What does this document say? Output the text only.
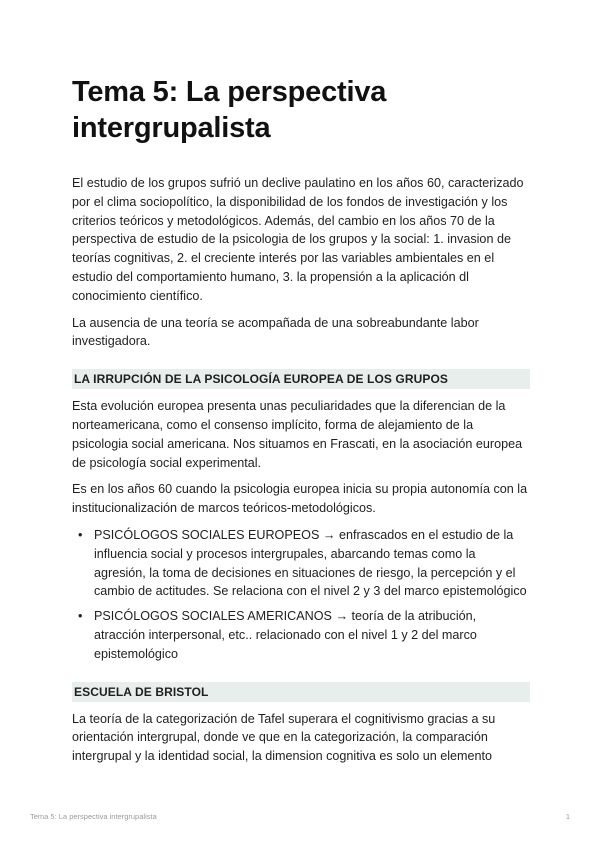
Tema 5: La perspectiva intergrupalista

El estudio de los grupos sufrió un declive paulatino en los años 60, caracterizado por el clima sociopolítico, la disponibilidad de los fondos de investigación y los criterios teóricos y metodológicos. Además, del cambio en los años 70 de la perspectiva de estudio de la psicologia de los grupos y la social: 1. invasion de teorías cognitivas, 2. el creciente interés por las variables ambientales en el estudio del comportamiento humano, 3. la propensión a la aplicación dl conocimiento científico.

La ausencia de una teoría se acompañada de una sobreabundante labor investigadora.

LA IRRUPCIÓN DE LA PSICOLOGÍA EUROPEA DE LOS GRUPOS

Esta evolución europea presenta unas peculiaridades que la diferencian de la norteamericana, como el consenso implícito, forma de alejamiento de la psicologia social americana. Nos situamos en Frascati, en la asociación europea de psicología social experimental.

Es en los años 60 cuando la psicologia europea inicia su propia autonomía con la institucionalización de marcos teóricos-metodológicos.

• PSICÓLOGOS SOCIALES EUROPEOS → enfrascados en el estudio de la influencia social y procesos intergrupales, abarcando temas como la agresión, la toma de decisiones en situaciones de riesgo, la percepción y el cambio de actitudes. Se relaciona con el nivel 2 y 3 del marco epistemológico
• PSICÓLOGOS SOCIALES AMERICANOS → teoría de la atribución, atracción interpersonal, etc.. relacionado con el nivel 1 y 2 del marco epistemológico
ESCUELA DE BRISTOL

La teoría de la categorización de Tafel superara el cognitivismo gracias a su orientación intergrupal, donde ve que en la categorización, la comparación intergrupal y la identidad social, la dimension cognitiva es solo un elemento

Tema 5: La perspectiva intergrupalista	1
